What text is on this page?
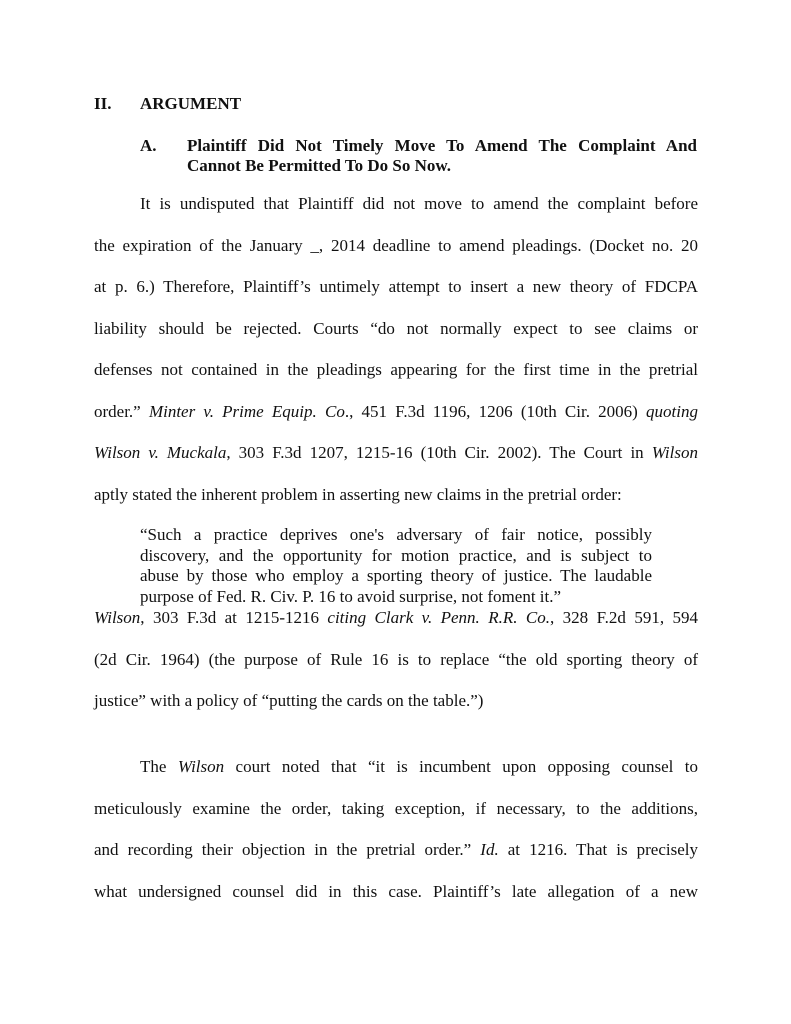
II. ARGUMENT
A. Plaintiff Did Not Timely Move To Amend The Complaint And
Cannot Be Permitted To Do So Now.
It is undisputed that Plaintiff did not move to amend the complaint before
the expiration of the January _, 2014 deadline to amend pleadings. (Docket no. 20
at p. 6.) Therefore, Plaintiff’s untimely attempt to insert a new theory of FDCPA
liability should be rejected. Courts “do not normally expect to see claims or
defenses not contained in the pleadings appearing for the first time in the pretrial
order.” Minter v. Prime Equip. Co., 451 F.3d 1196, 1206 (10th Cir. 2006) quoting
Wilson v. Muckala, 303 F.3d 1207, 1215-16 (10th Cir. 2002). The Court in Wilson
aptly stated the inherent problem in asserting new claims in the pretrial order:
“Such a practice deprives one's adversary of fair notice, possibly
discovery, and the opportunity for motion practice, and is subject to
abuse by those who employ a sporting theory of justice. The laudable
purpose of Fed. R. Civ. P. 16 to avoid surprise, not foment it.”
Wilson, 303 F.3d at 1215-1216 citing Clark v. Penn. R.R. Co., 328 F.2d 591, 594
(2d Cir. 1964) (the purpose of Rule 16 is to replace “the old sporting theory of
justice” with a policy of “putting the cards on the table.”)
The Wilson court noted that “it is incumbent upon opposing counsel to
meticulously examine the order, taking exception, if necessary, to the additions,
and recording their objection in the pretrial order.” Id. at 1216. That is precisely
what undersigned counsel did in this case. Plaintiff’s late allegation of a new
